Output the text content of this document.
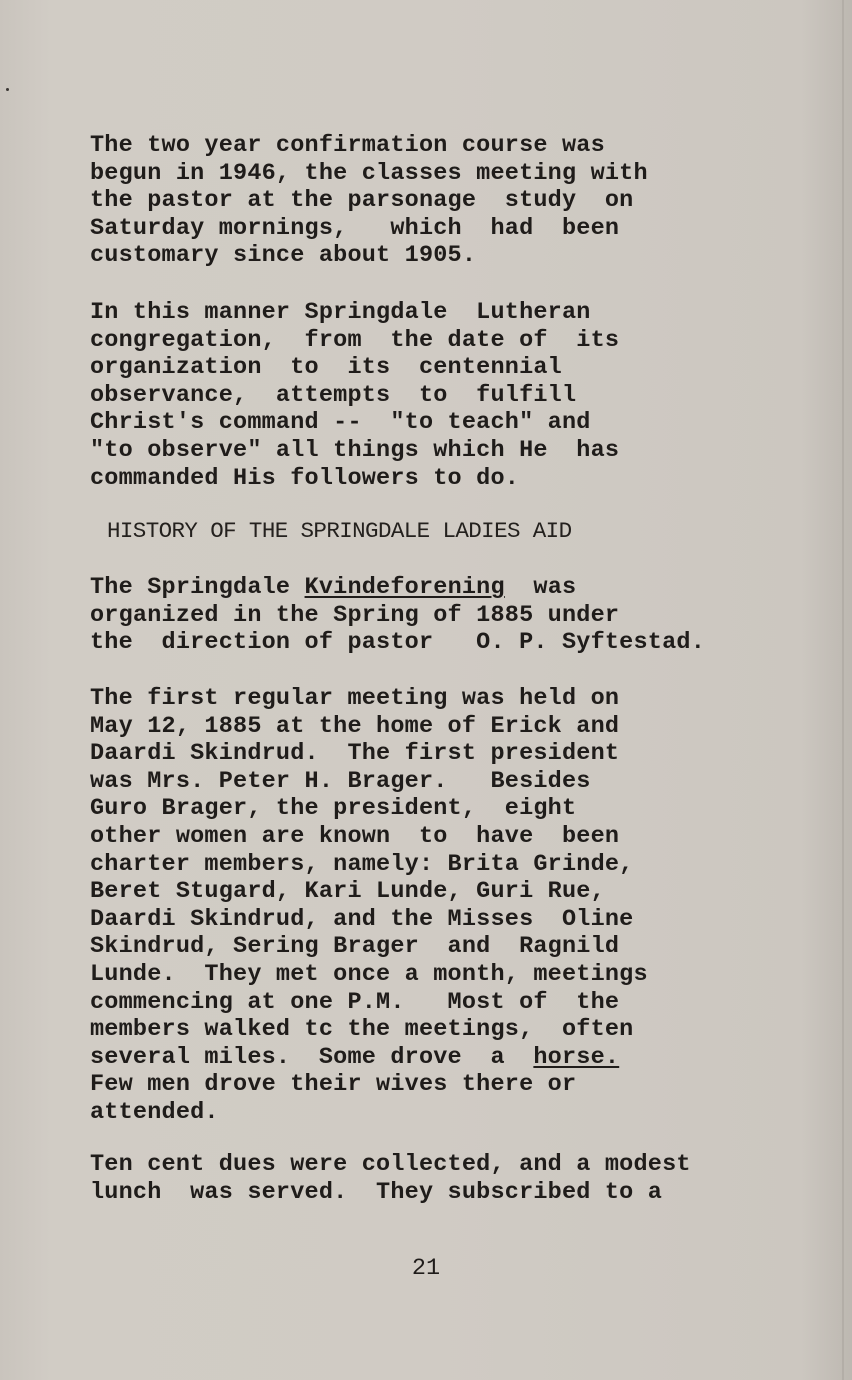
The two year confirmation course was
begun in 1946, the classes meeting with
the pastor at the parsonage  study  on
Saturday mornings,   which  had  been
customary since about 1905.
In this manner Springdale  Lutheran
congregation,  from  the date of  its
organization  to  its  centennial
observance,  attempts  to  fulfill
Christ's command --  "to teach" and
"to observe" all things which He  has
commanded His followers to do.
HISTORY OF THE SPRINGDALE LADIES AID
The Springdale Kvindeforening  was
organized in the Spring of 1885 under
the  direction of pastor   O. P. Syftestad.
The first regular meeting was held on
May 12, 1885 at the home of Erick and
Daardi Skindrud.  The first president
was Mrs. Peter H. Brager.   Besides
Guro Brager, the president,  eight
other women are known  to  have  been
charter members, namely: Brita Grinde,
Beret Stugard, Kari Lunde, Guri Rue,
Daardi Skindrud, and the Misses  Oline
Skindrud, Sering Brager  and  Ragnild
Lunde.  They met once a month, meetings
commencing at one P.M.   Most of  the
members walked tc the meetings,  often
several miles.  Some drove  a  horse.
Few men drove their wives there or
attended.
Ten cent dues were collected, and a modest
lunch  was served.  They subscribed to a
21
